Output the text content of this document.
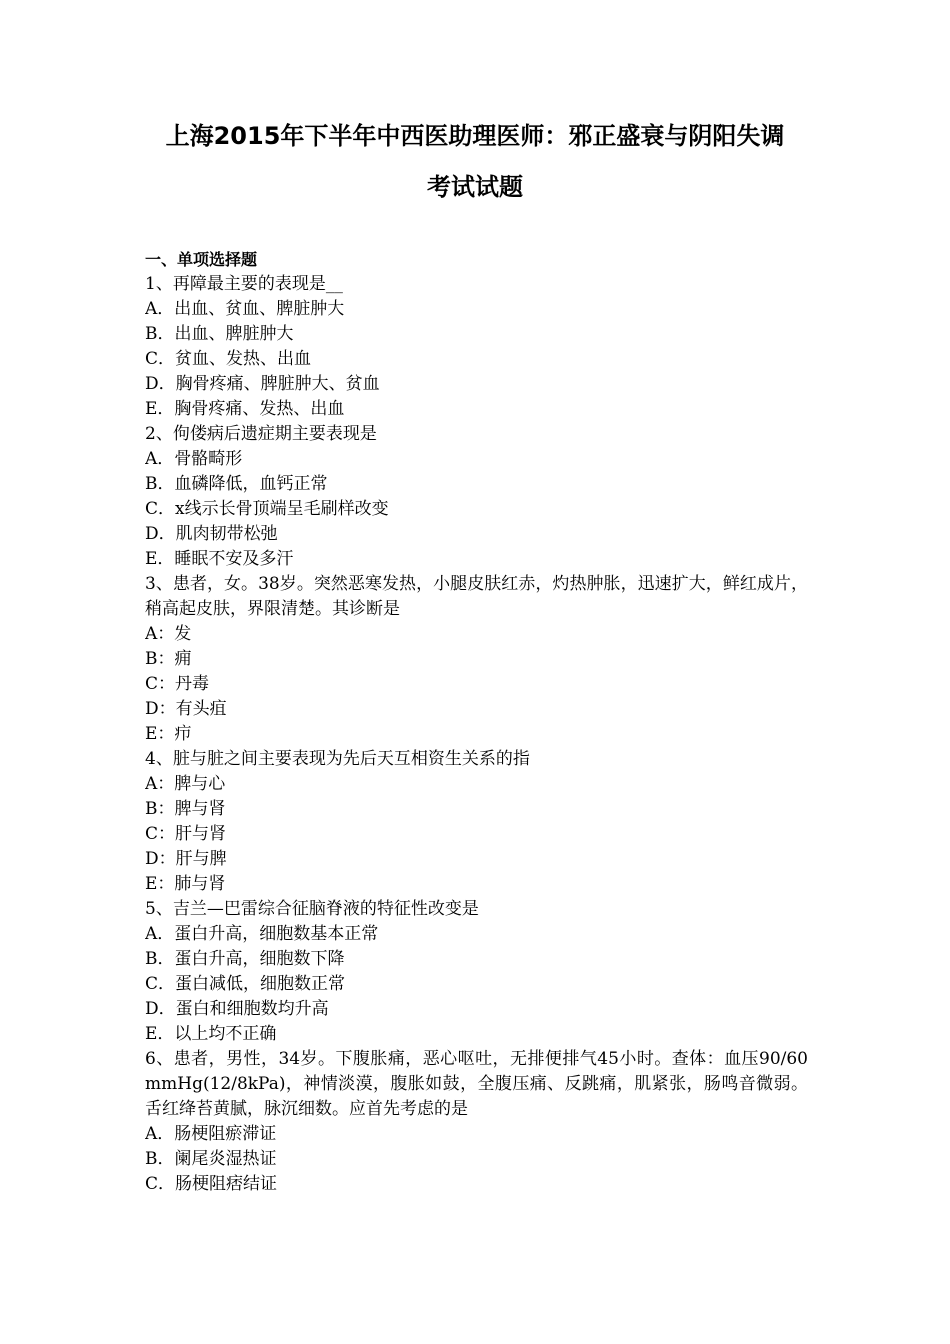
上海2015年下半年中西医助理医师：邪正盛衰与阴阳失调
考试试题
一、单项选择题
1、再障最主要的表现是__
A．出血、贫血、脾脏肿大
B．出血、脾脏肿大
C．贫血、发热、出血
D．胸骨疼痛、脾脏肿大、贫血
E．胸骨疼痛、发热、出血
2、佝偻病后遗症期主要表现是
A．骨骼畸形
B．血磷降低，血钙正常
C．x线示长骨顶端呈毛刷样改变
D．肌肉韧带松弛
E．睡眠不安及多汗
3、患者，女。38岁。突然恶寒发热，小腿皮肤红赤，灼热肿胀，迅速扩大，鲜红成片，稍高起皮肤，界限清楚。其诊断是
A：发
B：痈
C：丹毒
D：有头疽
E：疖
4、脏与脏之间主要表现为先后天互相资生关系的指
A：脾与心
B：脾与肾
C：肝与肾
D：肝与脾
E：肺与肾
5、吉兰—巴雷综合征脑脊液的特征性改变是
A．蛋白升高，细胞数基本正常
B．蛋白升高，细胞数下降
C．蛋白减低，细胞数正常
D．蛋白和细胞数均升高
E．以上均不正确
6、患者，男性，34岁。下腹胀痛，恶心呕吐，无排便排气45小时。查体：血压90/60mmHg(12/8kPa)，神情淡漠，腹胀如鼓，全腹压痛、反跳痛，肌紧张，肠鸣音微弱。舌红绛苔黄腻，脉沉细数。应首先考虑的是
A．肠梗阻瘀滞证
B．阑尾炎湿热证
C．肠梗阻痞结证
